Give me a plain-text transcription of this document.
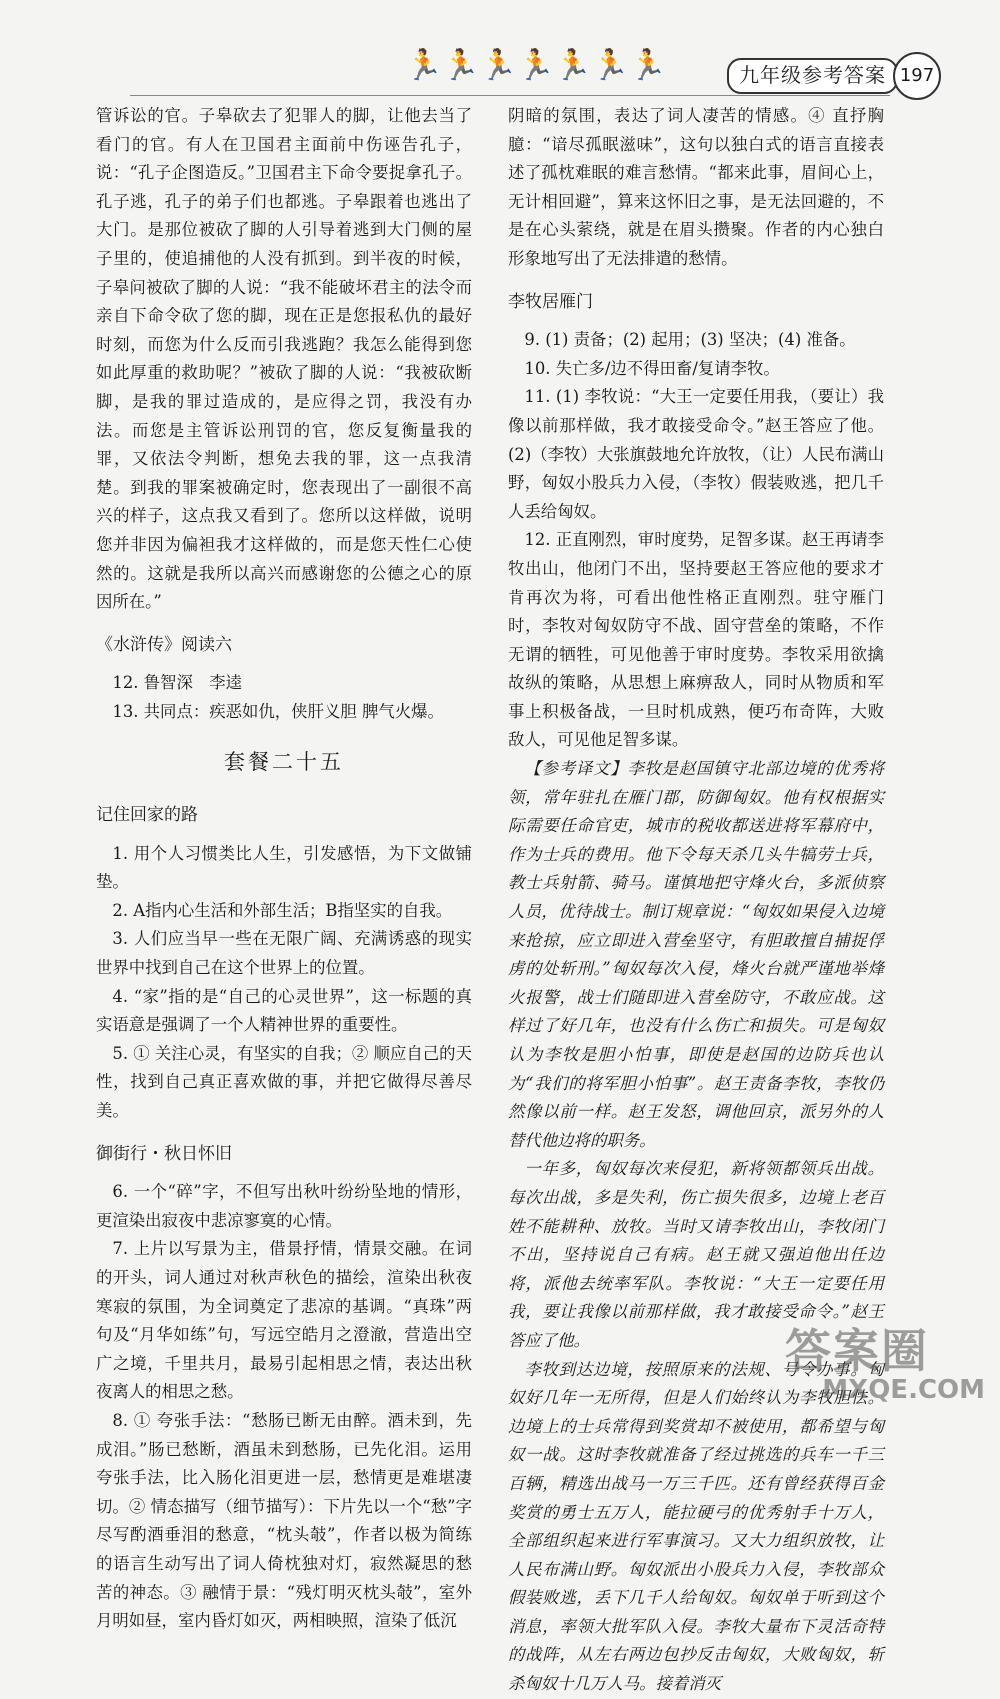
🏃🏃🏃🏃🏃🏃🏃	九年级参考答案 197

管诉讼的官。子皋砍去了犯罪人的脚，让他去当了看门的官。有人在卫国君主面前中伤诬告孔子，说：“孔子企图造反。”卫国君主下命令要捉拿孔子。孔子逃，孔子的弟子们也都逃。子皋跟着也逃出了大门。是那位被砍了脚的人引导着逃到大门侧的屋子里的，使追捕他的人没有抓到。到半夜的时候，子皋问被砍了脚的人说：“我不能破坏君主的法令而亲自下命令砍了您的脚，现在正是您报私仇的最好时刻，而您为什么反而引我逃跑？我怎么能得到您如此厚重的救助呢？”被砍了脚的人说：“我被砍断脚，是我的罪过造成的，是应得之罚，我没有办法。而您是主管诉讼刑罚的官，您反复衡量我的罪，又依法令判断，想免去我的罪，这一点我清楚。到我的罪案被确定时，您表现出了一副很不高兴的样子，这点我又看到了。您所以这样做，说明您并非因为偏袒我才这样做的，而是您天性仁心使然的。这就是我所以高兴而感谢您的公德之心的原因所在。”

《水浒传》阅读六

12. 鲁智深　李逵

13. 共同点：疾恶如仇，侠肝义胆 脾气火爆。

套餐二十五
记住回家的路

1. 用个人习惯类比人生，引发感悟，为下文做铺垫。

2. A指内心生活和外部生活；B指坚实的自我。

3. 人们应当早一些在无限广阔、充满诱惑的现实世界中找到自己在这个世界上的位置。

4. “家”指的是“自己的心灵世界”，这一标题的真实语意是强调了一个人精神世界的重要性。

5. ① 关注心灵，有坚实的自我；② 顺应自己的天性，找到自己真正喜欢做的事，并把它做得尽善尽美。

御街行・秋日怀旧

6. 一个“碎”字，不但写出秋叶纷纷坠地的情形，更渲染出寂夜中悲凉寥寞的心情。

7. 上片以写景为主，借景抒情，情景交融。在词的开头，词人通过对秋声秋色的描绘，渲染出秋夜寒寂的氛围，为全词奠定了悲凉的基调。“真珠”两句及“月华如练”句，写远空皓月之澄澈，营造出空广之境，千里共月，最易引起相思之情，表达出秋夜离人的相思之愁。

8. ① 夸张手法：“愁肠已断无由醉。酒未到，先成泪。”肠已愁断，酒虽未到愁肠，已先化泪。运用夸张手法，比入肠化泪更进一层，愁情更是难堪凄切。② 情态描写（细节描写）：下片先以一个“愁”字尽写酌酒垂泪的愁意，“枕头攲”，作者以极为简练的语言生动写出了词人倚枕独对灯，寂然凝思的愁苦的神态。③ 融情于景：“残灯明灭枕头攲”，室外月明如昼，室内昏灯如灭，两相映照，渲染了低沉

阴暗的氛围，表达了词人凄苦的情感。④ 直抒胸臆：“谙尽孤眠滋味”，这句以独白式的语言直接表述了孤枕难眠的难言愁情。“都来此事，眉间心上，无计相回避”，算来这怀旧之事，是无法回避的，不是在心头萦绕，就是在眉头攒聚。作者的内心独白形象地写出了无法排遣的愁情。

李牧居雁门

9. (1) 责备；(2) 起用；(3) 坚决；(4) 准备。

10. 失亡多/边不得田畜/复请李牧。

11. (1) 李牧说：“大王一定要任用我，（要让）我像以前那样做，我才敢接受命令。”赵王答应了他。(2)（李牧）大张旗鼓地允许放牧，（让）人民布满山野，匈奴小股兵力入侵，（李牧）假装败逃，把几千人丢给匈奴。

12. 正直刚烈，审时度势，足智多谋。赵王再请李牧出山，他闭门不出，坚持要赵王答应他的要求才肯再次为将，可看出他性格正直刚烈。驻守雁门时，李牧对匈奴防守不战、固守营垒的策略，不作无谓的牺牲，可见他善于审时度势。李牧采用欲擒故纵的策略，从思想上麻痹敌人，同时从物质和军事上积极备战，一旦时机成熟，便巧布奇阵，大败敌人，可见他足智多谋。

【参考译文】李牧是赵国镇守北部边境的优秀将领，常年驻扎在雁门郡，防御匈奴。他有权根据实际需要任命官吏，城市的税收都送进将军幕府中，作为士兵的费用。他下令每天杀几头牛犒劳士兵，教士兵射箭、骑马。谨慎地把守烽火台，多派侦察人员，优待战士。制订规章说：“匈奴如果侵入边境来抢掠，应立即进入营垒坚守，有胆敢擅自捕捉俘虏的处斩刑。”匈奴每次入侵，烽火台就严谨地举烽火报警，战士们随即进入营垒防守，不敢应战。这样过了好几年，也没有什么伤亡和损失。可是匈奴认为李牧是胆小怕事，即使是赵国的边防兵也认为“我们的将军胆小怕事”。赵王责备李牧，李牧仍然像以前一样。赵王发怒，调他回京，派另外的人替代他边将的职务。

一年多，匈奴每次来侵犯，新将领都领兵出战。每次出战，多是失利，伤亡损失很多，边境上老百姓不能耕种、放牧。当时又请李牧出山，李牧闭门不出，坚持说自己有病。赵王就又强迫他出任边将，派他去统率军队。李牧说：“大王一定要任用我，要让我像以前那样做，我才敢接受命令。”赵王答应了他。

李牧到达边境，按照原来的法规、号令办事。匈奴好几年一无所得，但是人们始终认为李牧胆怯。边境上的士兵常得到奖赏却不被使用，都希望与匈奴一战。这时李牧就准备了经过挑选的兵车一千三百辆，精选出战马一万三千匹。还有曾经获得百金奖赏的勇士五万人，能拉硬弓的优秀射手十万人，全部组织起来进行军事演习。又大力组织放牧，让人民布满山野。匈奴派出小股兵力入侵，李牧部众假装败逃，丢下几千人给匈奴。匈奴单于听到这个消息，率领大批军队入侵。李牧大量布下灵活奇特的战阵，从左右两边包抄反击匈奴，大败匈奴，斩杀匈奴十几万人马。接着消灭

答案圈
MXQE.COM
